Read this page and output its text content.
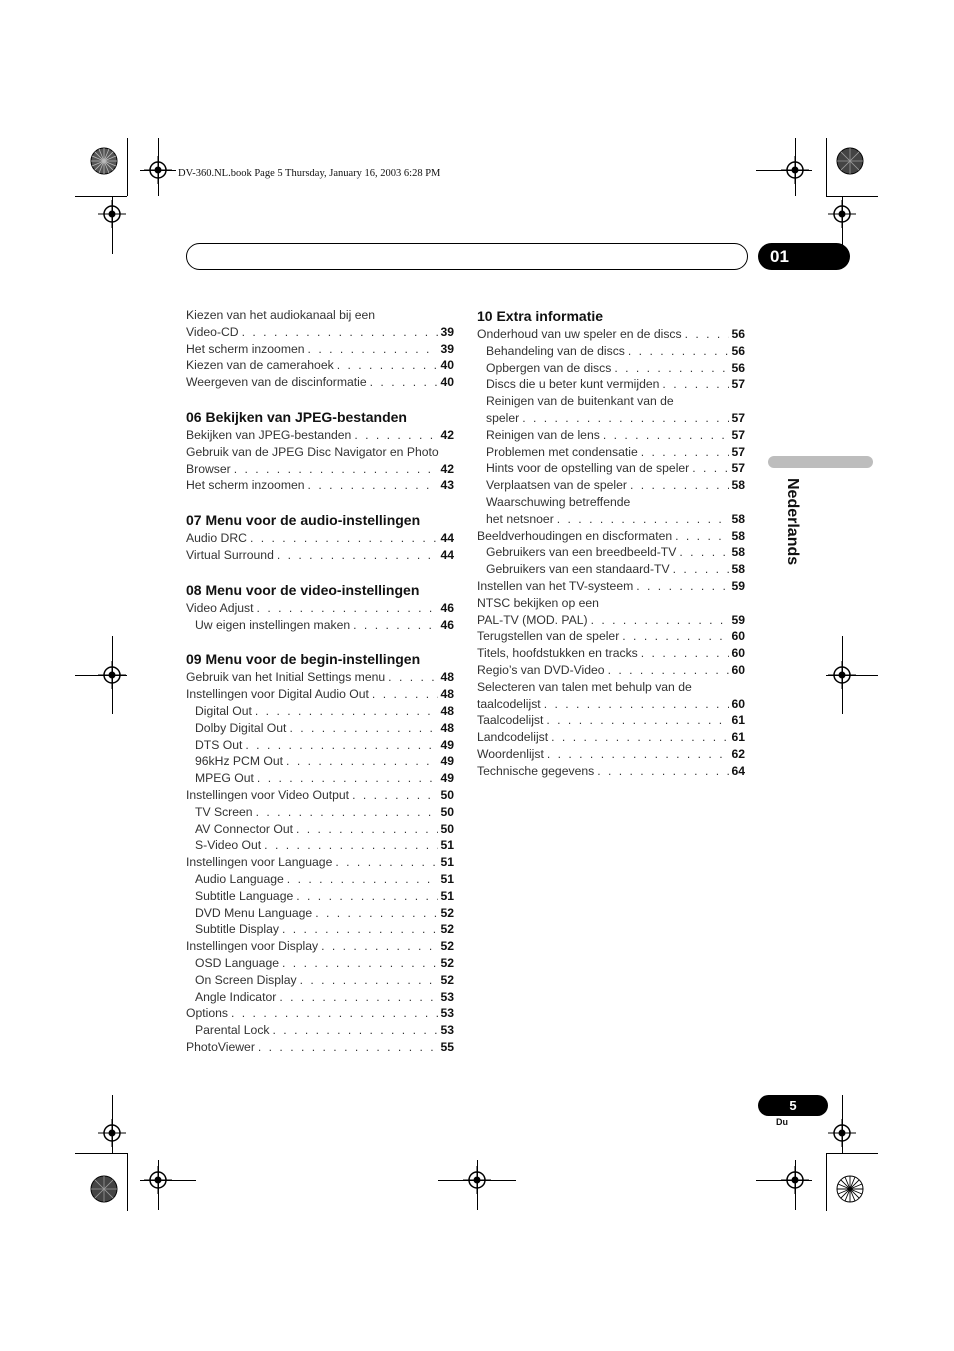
DV-360.NL.book Page 5 Thursday, January 16, 2003 6:28 PM
01
Nederlands
Kiezen van het audiokanaal bij een
Video-CD . . .	39
Het scherm inzoomen . . .	39
Kiezen van de camerahoek . . .	40
Weergeven van de discinformatie . . .	40
06 Bekijken van JPEG-bestanden
Bekijken van JPEG-bestanden . . .	42
Gebruik van de JPEG Disc Navigator en Photo
Browser . . .	42
Het scherm inzoomen . . .	43
07 Menu voor de audio-instellingen
Audio DRC . . .	44
Virtual Surround . . .	44
08 Menu voor de video-instellingen
Video Adjust . . .	46
Uw eigen instellingen maken . . .	46
09 Menu voor de begin-instellingen
Gebruik van het Initial Settings menu . . .	48
Instellingen voor Digital Audio Out . . .	48
Digital Out . . .	48
Dolby Digital Out . . .	48
DTS Out . . .	49
96kHz PCM Out . . .	49
MPEG Out . . .	49
Instellingen voor Video Output . . .	50
TV Screen . . .	50
AV Connector Out . . .	50
S-Video Out . . .	51
Instellingen voor Language . . .	51
Audio Language . . .	51
Subtitle Language . . .	51
DVD Menu Language . . .	52
Subtitle Display . . .	52
Instellingen voor Display . . .	52
OSD Language . . .	52
On Screen Display . . .	52
Angle Indicator . . .	53
Options . . .	53
Parental Lock . . .	53
PhotoViewer . . .	55
10 Extra informatie
Onderhoud van uw speler en de discs . . .	56
Behandeling van de discs . . .	56
Opbergen van de discs . . .	56
Discs die u beter kunt vermijden . . .	57
Reinigen van de buitenkant van de
speler . . .	57
Reinigen van de lens . . .	57
Problemen met condensatie . . .	57
Hints voor de opstelling van de speler . . .	57
Verplaatsen van de speler . . .	58
Waarschuwing betreffende
het netsnoer . . .	58
Beeldverhoudingen en discformaten . . .	58
Gebruikers van een breedbeeld-TV . . .	58
Gebruikers van een standaard-TV . . .	58
Instellen van het TV-systeem . . .	59
NTSC bekijken op een
PAL-TV (MOD. PAL) . . .	59
Terugstellen van de speler . . .	60
Titels, hoofdstukken en tracks . . .	60
Regio’s van DVD-Video . . .	60
Selecteren van talen met behulp van de
taalcodelijst . . .	60
Taalcodelijst . . .	61
Landcodelijst . . .	61
Woordenlijst . . .	62
Technische gegevens . . .	64
5
Du
